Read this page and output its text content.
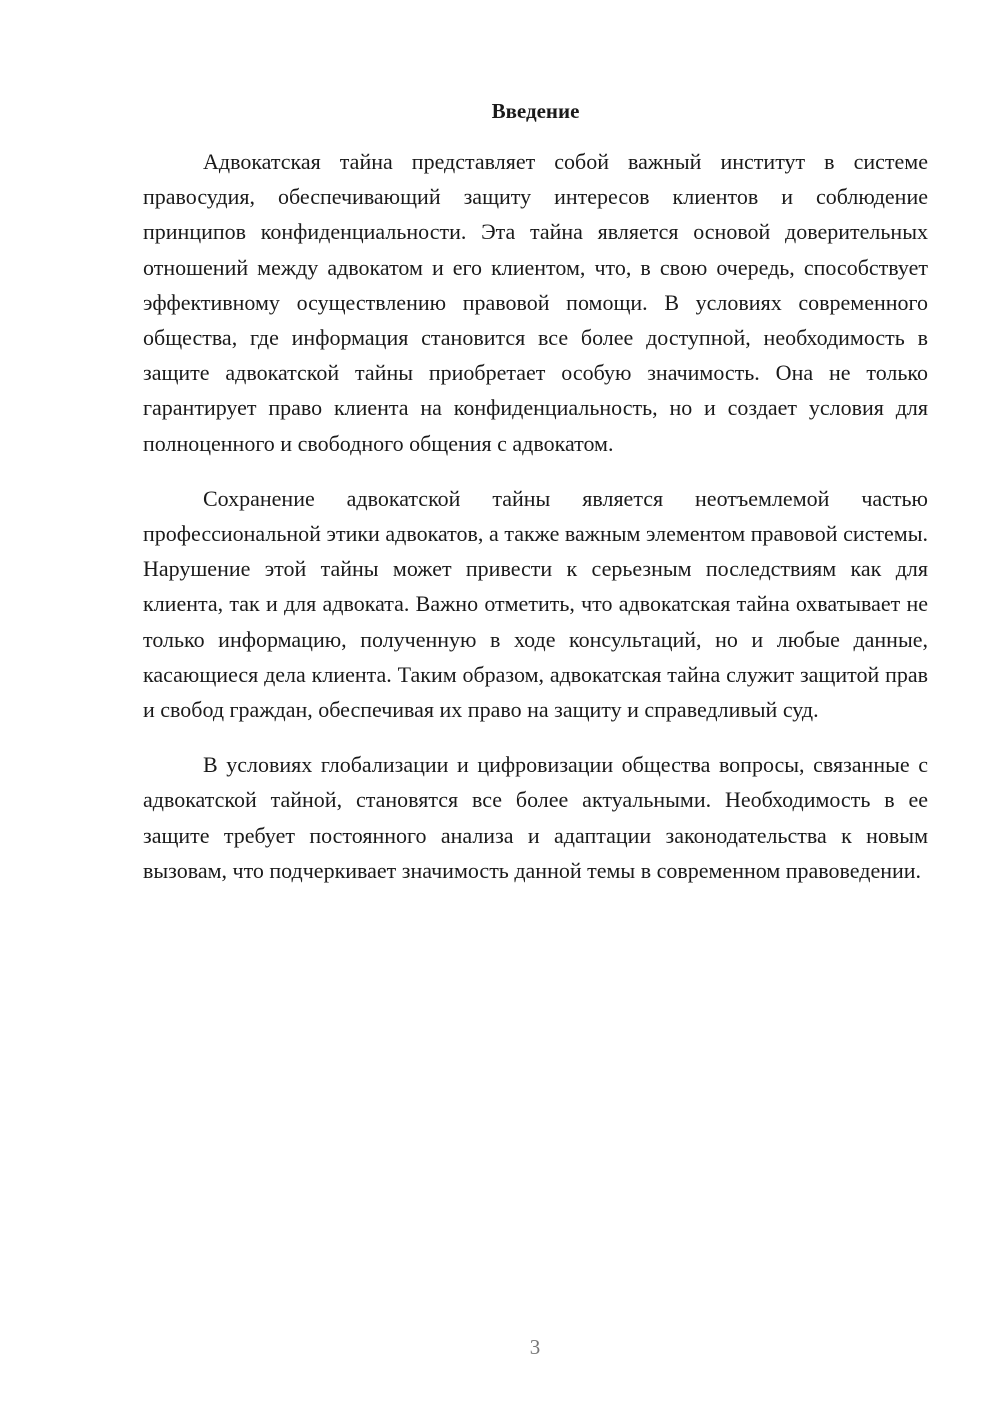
Введение

Адвокатская тайна представляет собой важный институт в системе правосудия, обеспечивающий защиту интересов клиентов и соблюдение принципов конфиденциальности. Эта тайна является основой доверительных отношений между адвокатом и его клиентом, что, в свою очередь, способствует эффективному осуществлению правовой помощи. В условиях современного общества, где информация становится все более доступной, необходимость в защите адвокатской тайны приобретает особую значимость. Она не только гарантирует право клиента на конфиденциальность, но и создает условия для полноценного и свободного общения с адвокатом.

Сохранение адвокатской тайны является неотъемлемой частью профессиональной этики адвокатов, а также важным элементом правовой системы. Нарушение этой тайны может привести к серьезным последствиям как для клиента, так и для адвоката. Важно отметить, что адвокатская тайна охватывает не только информацию, полученную в ходе консультаций, но и любые данные, касающиеся дела клиента. Таким образом, адвокатская тайна служит защитой прав и свобод граждан, обеспечивая их право на защиту и справедливый суд.

В условиях глобализации и цифровизации общества вопросы, связанные с адвокатской тайной, становятся все более актуальными. Необходимость в ее защите требует постоянного анализа и адаптации законодательства к новым вызовам, что подчеркивает значимость данной темы в современном правоведении.

3
